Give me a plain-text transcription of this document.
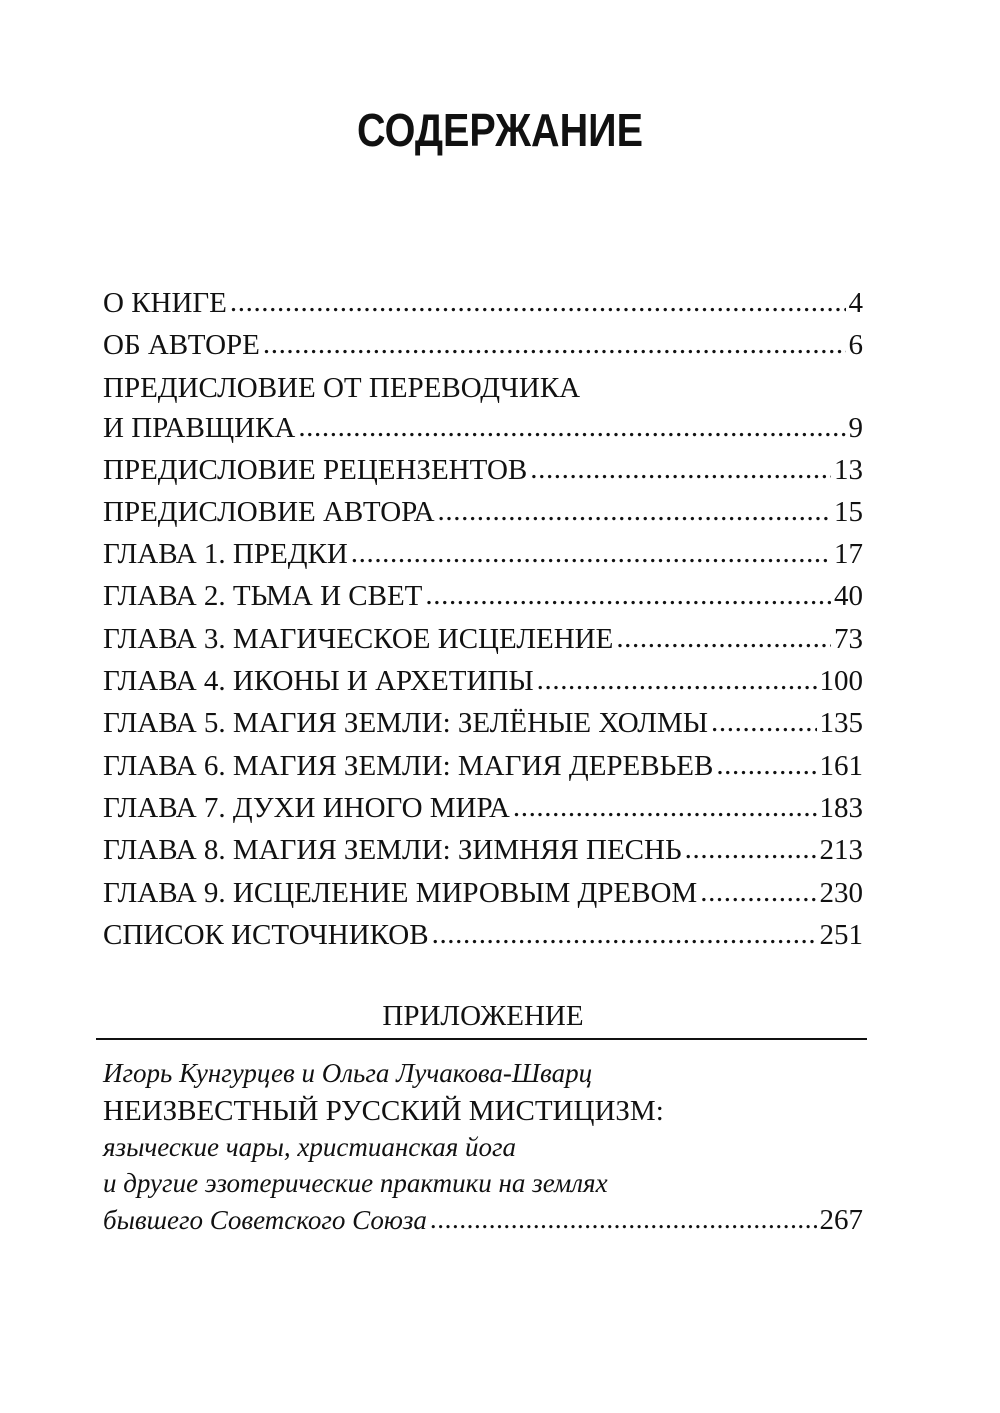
СОДЕРЖАНИЕ
О КНИГЕ .....	4
ОБ АВТОРЕ .....	6
ПРЕДИСЛОВИЕ ОТ ПЕРЕВОДЧИКА
И ПРАВЩИКА .....	9
ПРЕДИСЛОВИЕ РЕЦЕНЗЕНТОВ .....	13
ПРЕДИСЛОВИЕ АВТОРА .....	15
ГЛАВА 1. ПРЕДКИ .....	17
ГЛАВА 2. ТЬМА И СВЕТ .....	40
ГЛАВА 3. МАГИЧЕСКОЕ ИСЦЕЛЕНИЕ .....	73
ГЛАВА 4. ИКОНЫ И АРХЕТИПЫ .....	100
ГЛАВА 5. МАГИЯ ЗЕМЛИ: ЗЕЛЁНЫЕ ХОЛМЫ .....	135
ГЛАВА 6. МАГИЯ ЗЕМЛИ: МАГИЯ ДЕРЕВЬЕВ .....	161
ГЛАВА 7. ДУХИ ИНОГО МИРА .....	183
ГЛАВА 8. МАГИЯ ЗЕМЛИ: ЗИМНЯЯ ПЕСНЬ .....	213
ГЛАВА 9. ИСЦЕЛЕНИЕ МИРОВЫМ ДРЕВОМ .....	230
СПИСОК ИСТОЧНИКОВ .....	251
ПРИЛОЖЕНИЕ
Игорь Кунгурцев и Ольга Лучакова-Шварц
НЕИЗВЕСТНЫЙ РУССКИЙ МИСТИЦИЗМ:
языческие чары, христианская йога
и другие эзотерические практики на землях
бывшего Советского Союза .....	267
